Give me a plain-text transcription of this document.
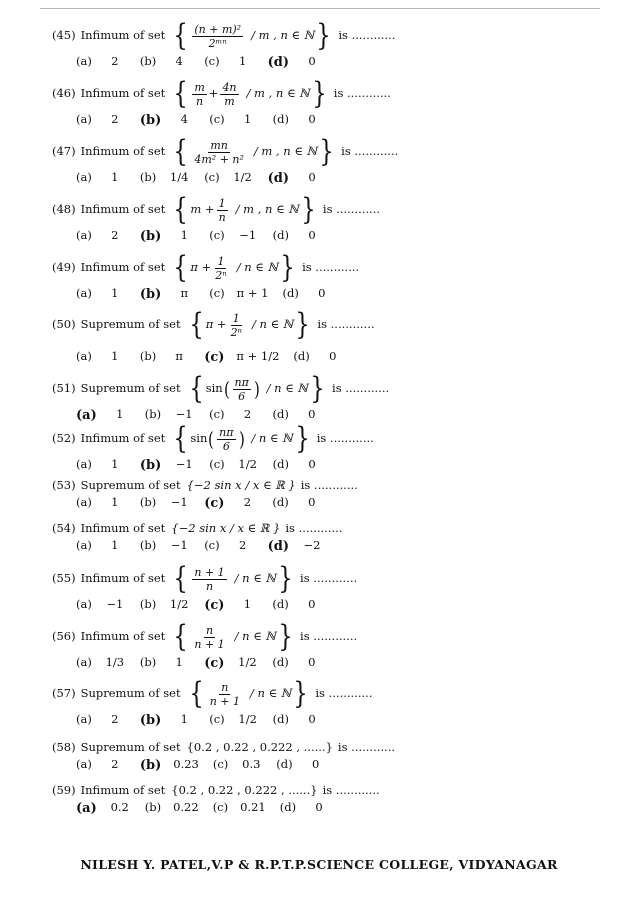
(45) Infimum of set { $\frac{\text{(n + m)²}}{\text{2ᵐⁿ}}$ / m , n ∈ ℕ } is ............
(a)	2	(b)	4	(c)	1	(d)	0
(46) Infimum of set { $\frac{m}{n} + \frac{4n}{m} / m$ , n ∈ ℕ } is ............
(a)	2	(b)	4	(c)	1	(d)	0
(47) Infimum of set { $\frac{mn}{\text{4m² + n²}}$ / m , n ∈ ℕ } is ............
(a)	1	(b) 1/4 (c) 1/2 (d)	0
(48) Infimum of set { $m + \frac{1}{n} / m$ , n ∈ ℕ } is ............
(a)	2	(b)	1	(c) −1 (d)	0
(49) Infimum of set { $\pi + \frac{1}{\text{2ⁿ}} / n$ ∈ ℕ } is ............
(a)	1	(b)	π	(c) π + 1 (d)	0
(50) Supremum of set { $\pi + \frac{1}{\text{2ⁿ}} / n$ ∈ ℕ } is ............
(a)	1	(b)	π	(c) π + 1/2 (d)	0
(51) Supremum of set { sin ( $\frac{n\pi}{6}$ ) / n ∈ ℕ } is ............
(a)	1	(b) −1 (c)	2	(d)	0
(52) Infimum of set { sin ( $\frac{n\pi}{6}$ ) / n ∈ ℕ } is ............
(a)	1	(b) −1 (c) 1/2 (d)	0
(53) Supremum of set {−2 sin x / x ∈ ℝ } is ............
(a)	1	(b) −1 (c)	2	(d)	0
(54) Infimum of set {−2 sin x / x ∈ ℝ } is ............
(a)	1	(b) −1 (c)	2	(d) −2
(55) Infimum of set { $\frac{n + 1}{n}$ / n ∈ ℕ } is ............
(a) −1 (b) 1/2 (c)	1	(d)	0
(56) Infimum of set { $\frac{n}{n + 1}$ / n ∈ ℕ } is ............
(a) 1/3 (b)	1	(c) 1/2 (d)	0
(57) Supremum of set { $\frac{n}{n + 1}$ / n ∈ ℕ } is ............
(a)	2	(b)	1	(c) 1/2 (d)	0
(58) Supremum of set {0.2 , 0.22 , 0.222 , ......} is ............
(a)	2	(b) 0.23 (c) 0.3 (d)	0
(59) Infimum of set {0.2 , 0.22 , 0.222 , ......} is ............
(a) 0.2 (b) 0.22 (c) 0.21 (d)	0
NILESH Y. PATEL,V.P & R.P.T.P.SCIENCE COLLEGE, VIDYANAGAR
